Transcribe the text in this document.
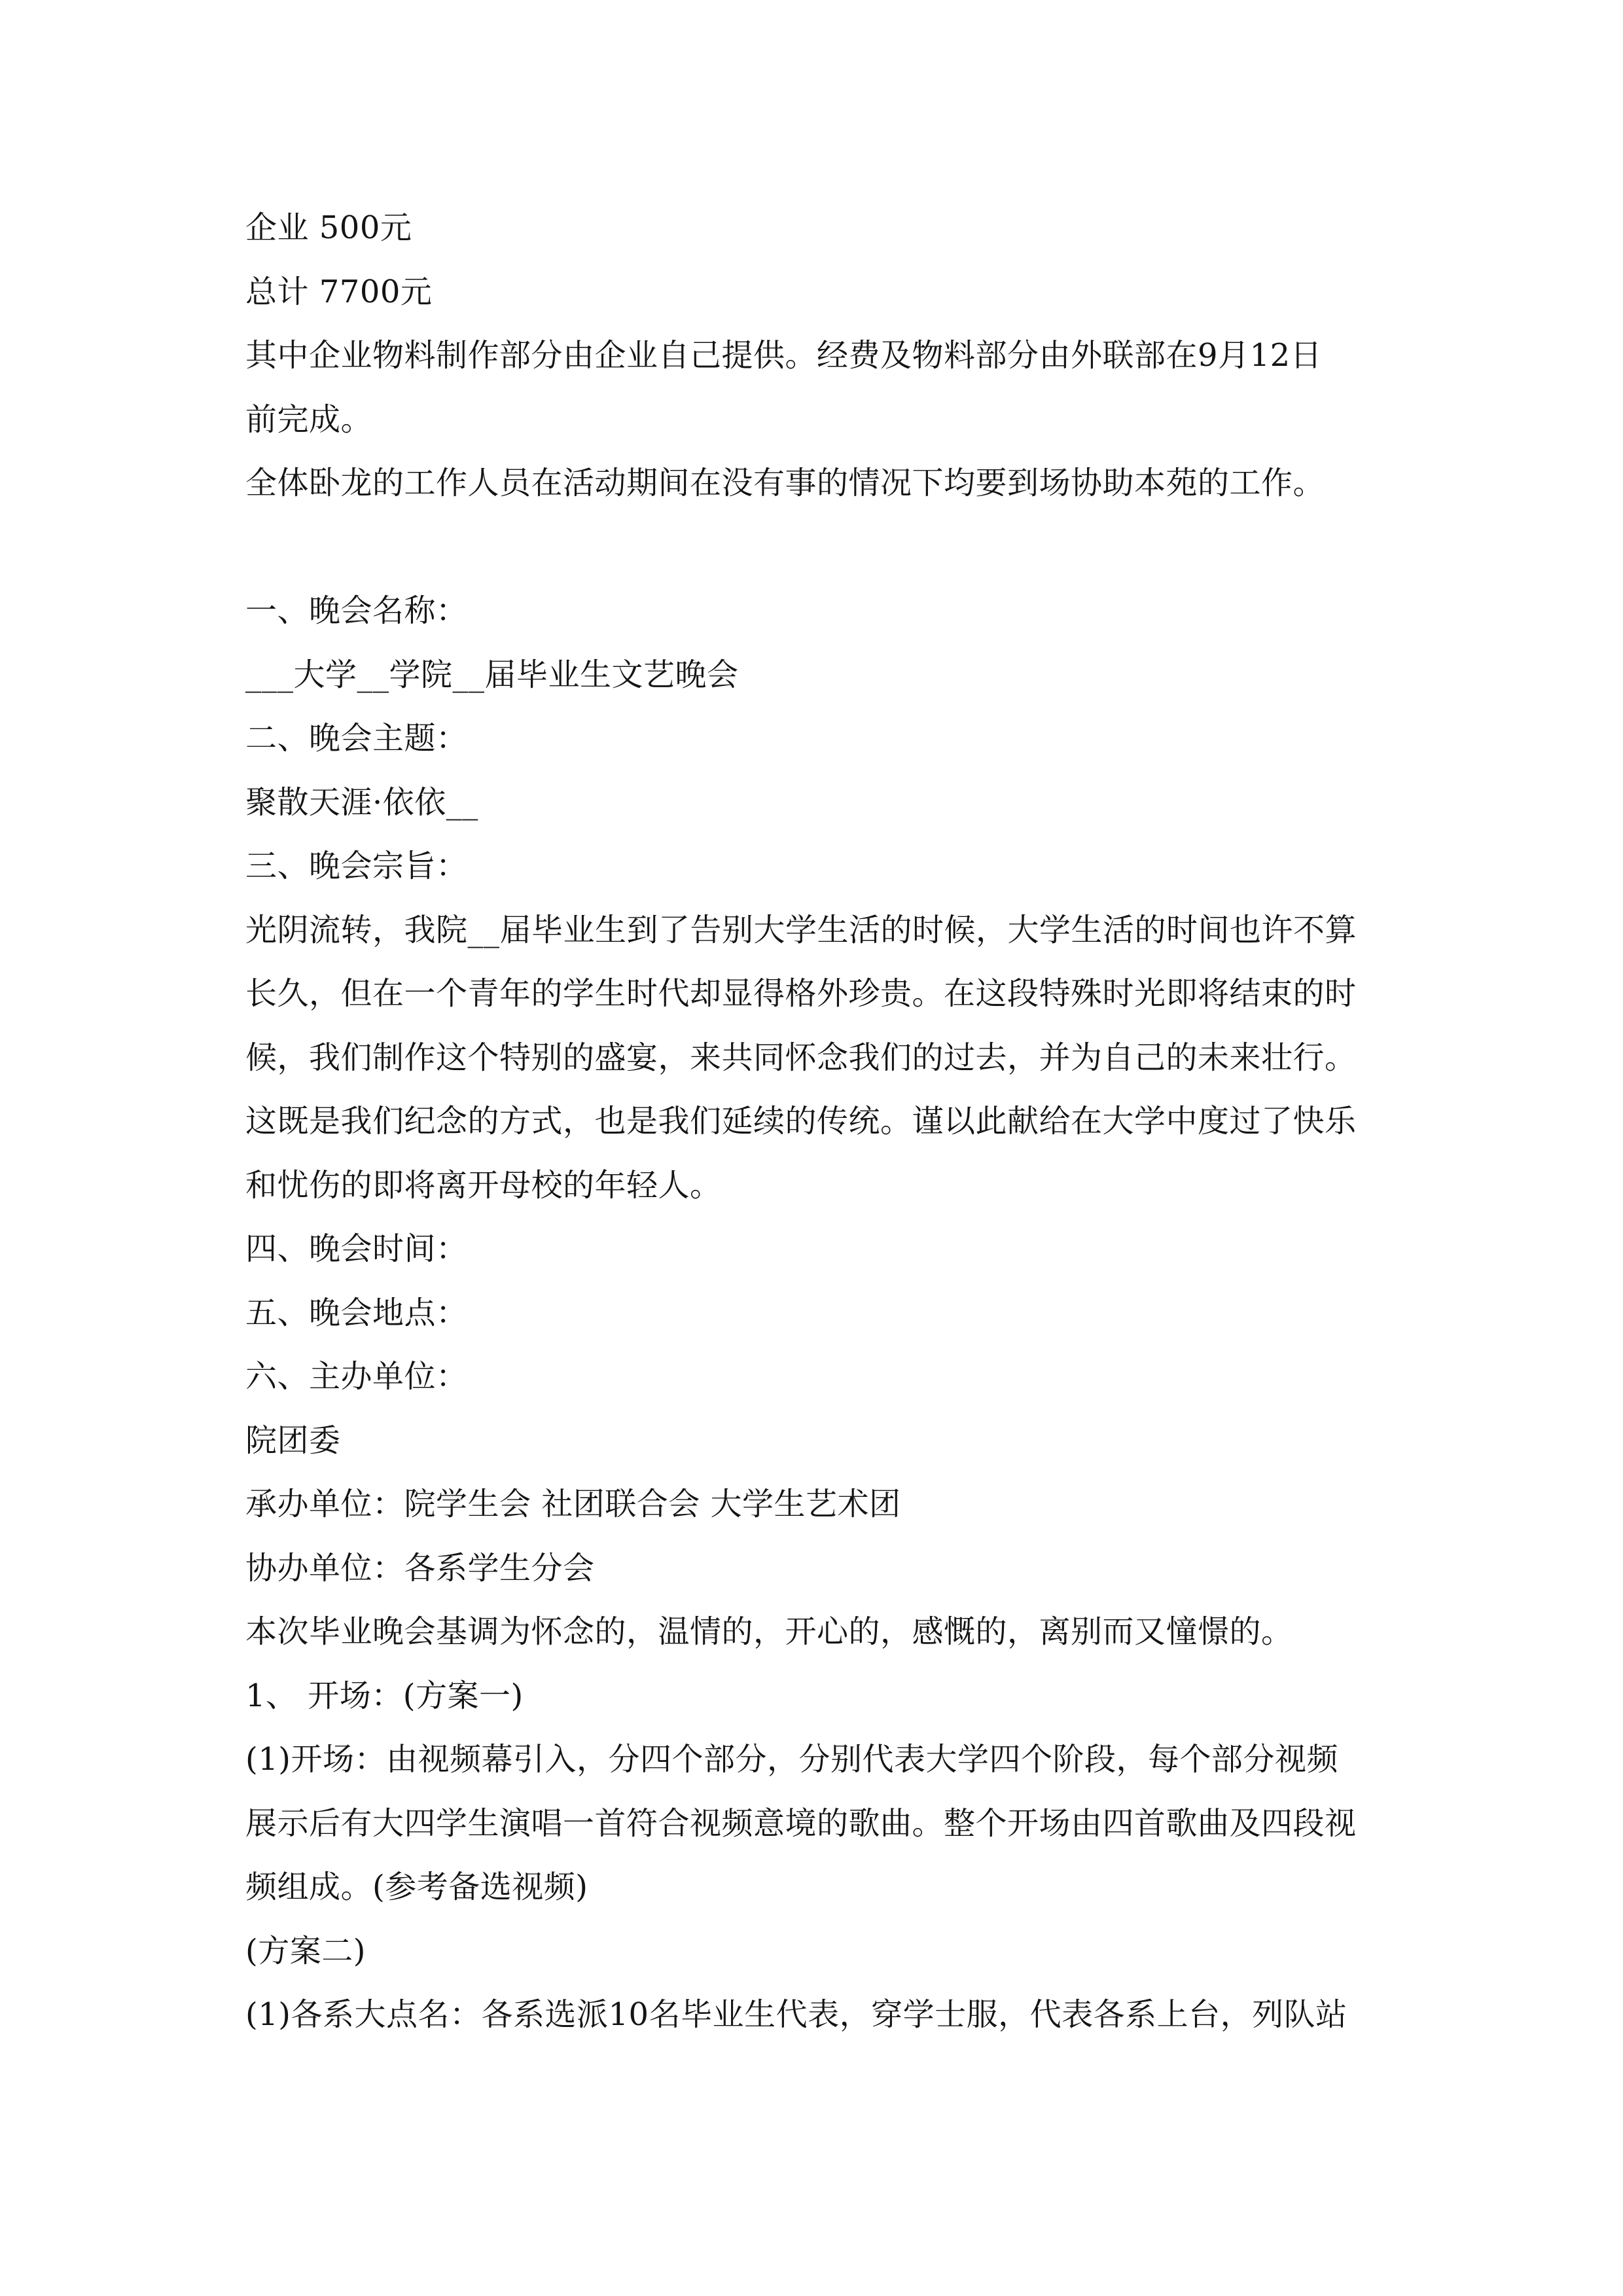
企业 500元
总计 7700元
其中企业物料制作部分由企业自己提供。经费及物料部分由外联部在9月12日
前完成。
全体卧龙的工作人员在活动期间在没有事的情况下均要到场协助本苑的工作。
一、晚会名称：
___大学__学院__届毕业生文艺晚会
二、晚会主题：
聚散天涯·依依__
三、晚会宗旨：
光阴流转，我院__届毕业生到了告别大学生活的时候，大学生活的时间也许不算
长久，但在一个青年的学生时代却显得格外珍贵。在这段特殊时光即将结束的时
候，我们制作这个特别的盛宴，来共同怀念我们的过去，并为自己的未来壮行。
这既是我们纪念的方式，也是我们延续的传统。谨以此献给在大学中度过了快乐
和忧伤的即将离开母校的年轻人。
四、晚会时间：
五、晚会地点：
六、主办单位：
院团委
承办单位：院学生会 社团联合会 大学生艺术团
协办单位：各系学生分会
本次毕业晚会基调为怀念的，温情的，开心的，感慨的，离别而又憧憬的。
1、 开场：(方案一)
(1)开场：由视频幕引入，分四个部分，分别代表大学四个阶段，每个部分视频
展示后有大四学生演唱一首符合视频意境的歌曲。整个开场由四首歌曲及四段视
频组成。(参考备选视频)
(方案二)
(1)各系大点名：各系选派10名毕业生代表，穿学士服，代表各系上台，列队站
